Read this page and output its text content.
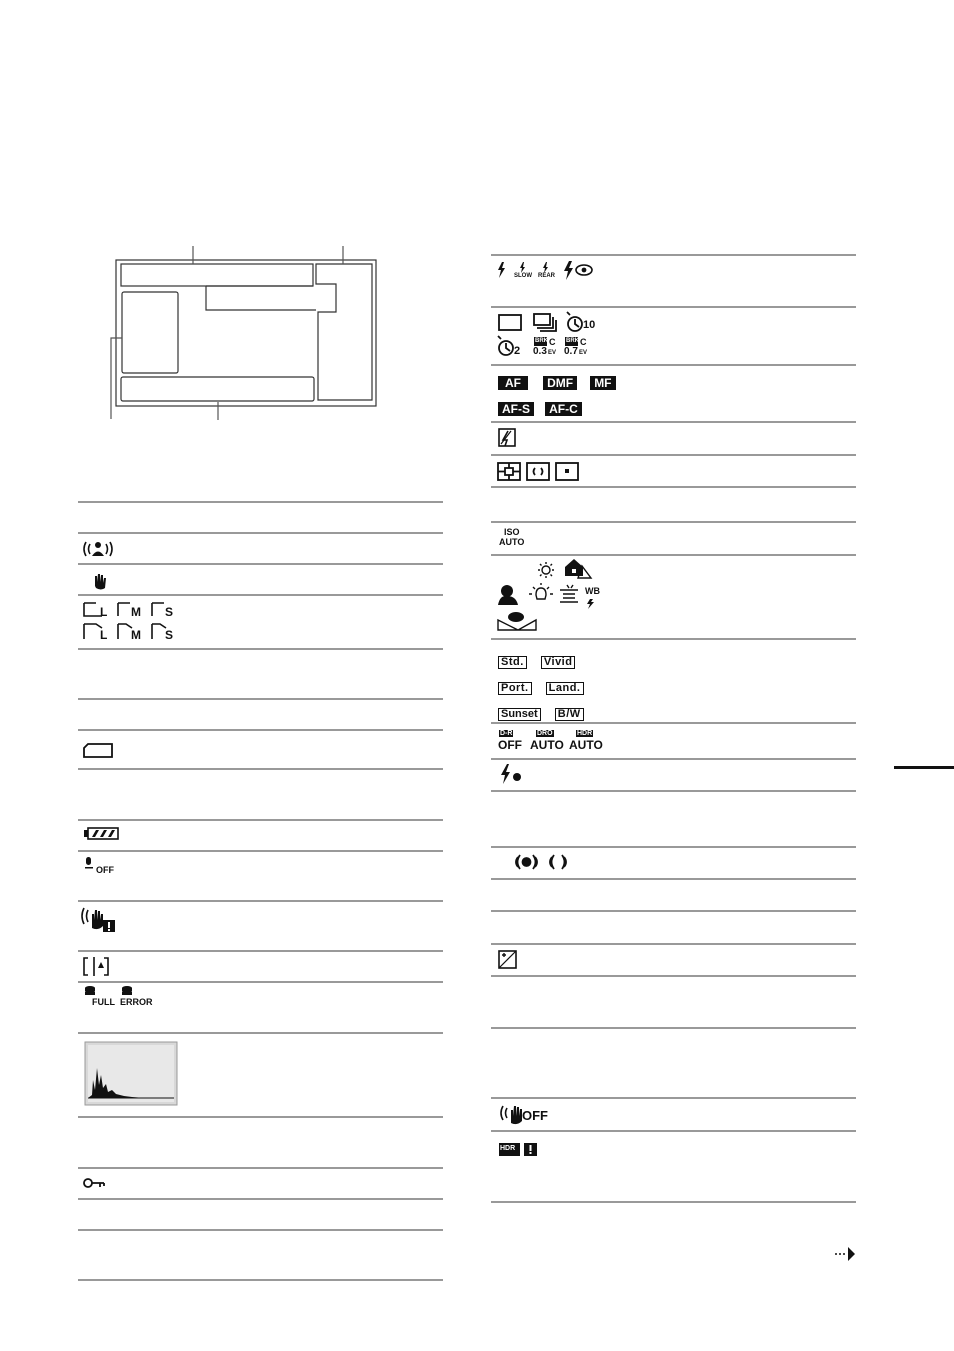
L M S
L M S
OFF
FULL ERROR
SLOW REAR
10
2
BRK C
0.3 EV
BRK C
0.7 EV
AF DMF MF
AF-S AF-C
ISO
AUTO
WB
Std. Vivid
Port. Land.
Sunset B/W
D-R
OFF
DRO
AUTO
HDR
AUTO
OFF
HDR
